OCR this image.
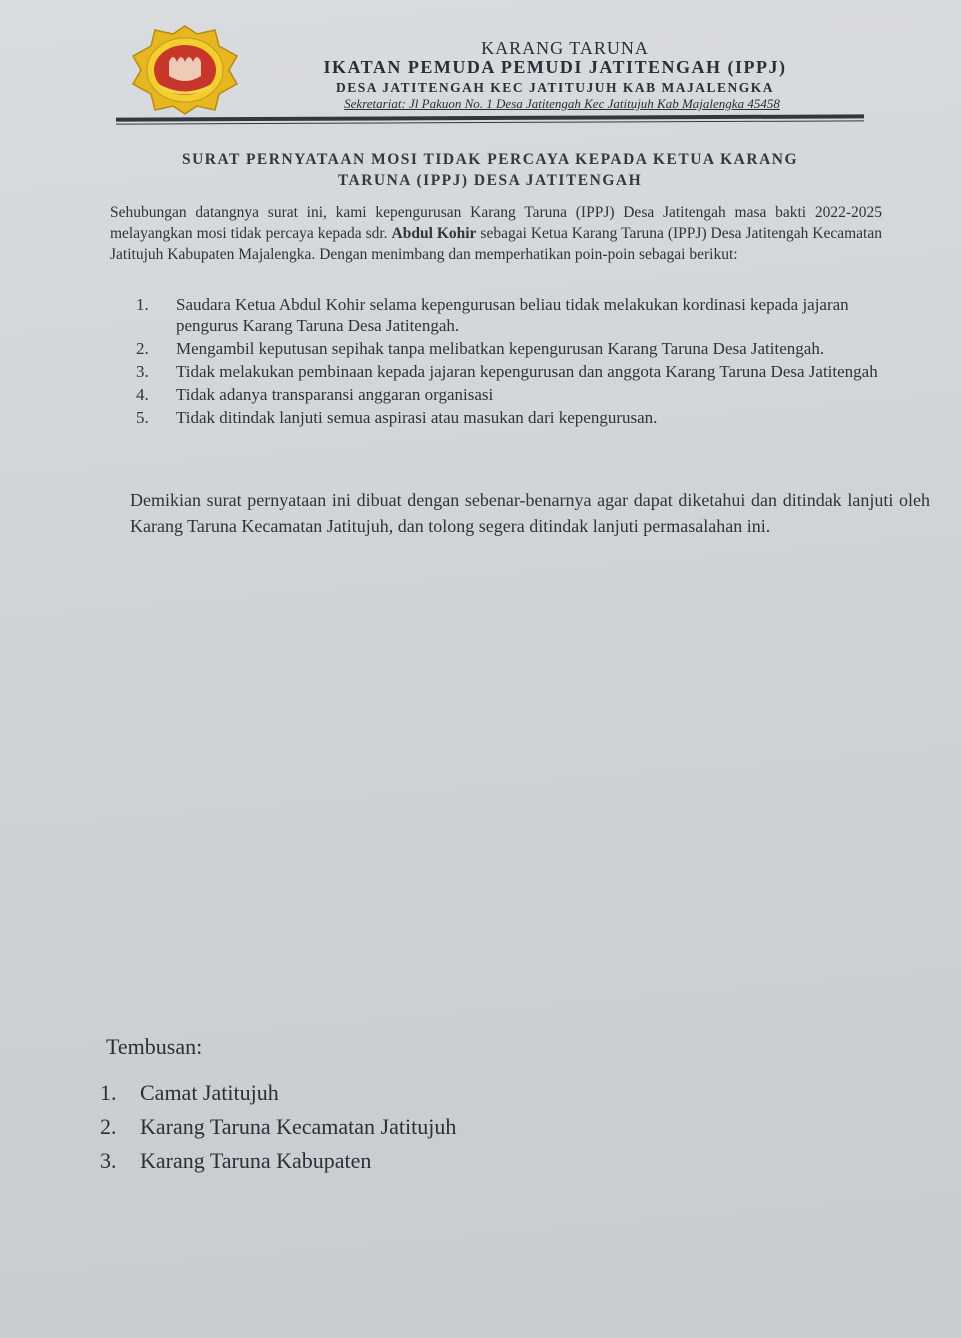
KARANG TARUNA
IKATAN PEMUDA PEMUDI JATITENGAH (IPPJ)
DESA JATITENGAH KEC JATITUJUH KAB MAJALENGKA
Sekretariat: Jl Pakuon No. 1 Desa Jatitengah Kec Jatitujuh Kab Majalengka 45458
SURAT PERNYATAAN MOSI TIDAK PERCAYA KEPADA KETUA KARANG
TARUNA (IPPJ) DESA JATITENGAH
Sehubungan datangnya surat ini, kami kepengurusan Karang Taruna (IPPJ) Desa Jatitengah masa bakti 2022-2025 melayangkan mosi tidak percaya kepada sdr. Abdul Kohir sebagai Ketua Karang Taruna (IPPJ) Desa Jatitengah Kecamatan Jatitujuh Kabupaten Majalengka. Dengan menimbang dan memperhatikan poin-poin sebagai berikut:
1.	Saudara Ketua Abdul Kohir selama kepengurusan beliau tidak melakukan kordinasi kepada jajaran pengurus Karang Taruna Desa Jatitengah.
2.	Mengambil keputusan sepihak tanpa melibatkan kepengurusan Karang Taruna Desa Jatitengah.
3.	Tidak melakukan pembinaan kepada jajaran kepengurusan dan anggota Karang Taruna Desa Jatitengah
4.	Tidak adanya transparansi anggaran organisasi
5.	Tidak ditindak lanjuti semua aspirasi atau masukan dari kepengurusan.
Demikian surat pernyataan ini dibuat dengan sebenar-benarnya agar dapat diketahui dan ditindak lanjuti oleh Karang Taruna Kecamatan Jatitujuh, dan tolong segera ditindak lanjuti permasalahan ini.
Tembusan:
1.	Camat Jatitujuh
2.	Karang Taruna Kecamatan Jatitujuh
3.	Karang Taruna Kabupaten
